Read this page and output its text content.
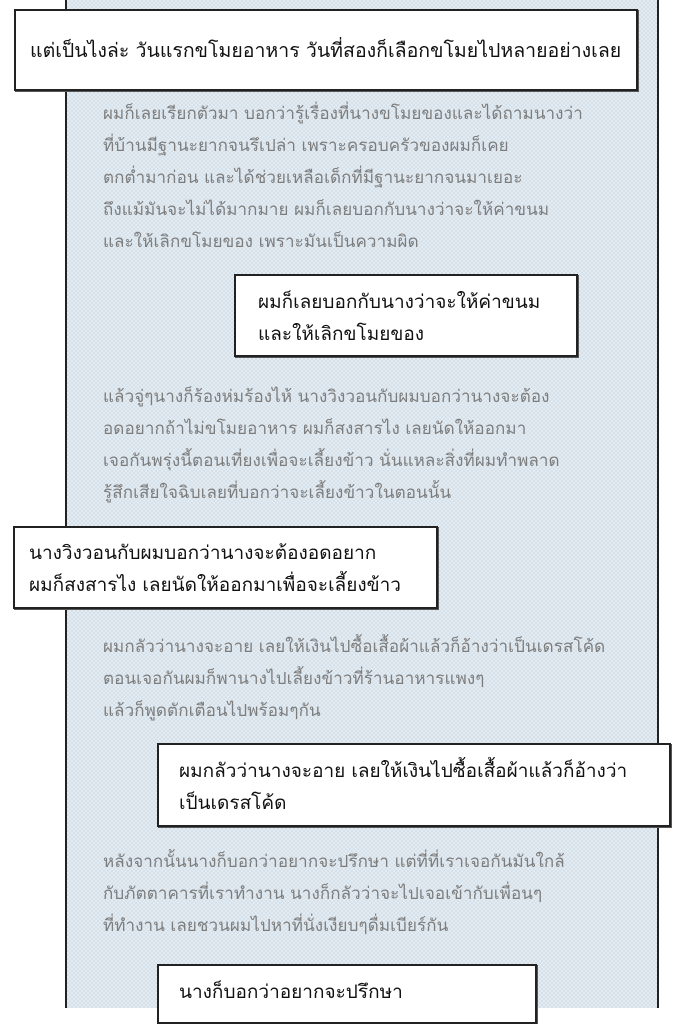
แต่เป็นไงล่ะ วันแรกขโมยอาหาร วันที่สองก็เลือกขโมยไปหลายอย่างเลย
ผมก็เลยเรียกตัวมา บอกว่ารู้เรื่องที่นางขโมยของและได้ถามนางว่า
ที่บ้านมีฐานะยากจนรึเปล่า เพราะครอบครัวของผมก็เคย
ตกต่ำมาก่อน และได้ช่วยเหลือเด็กที่มีฐานะยากจนมาเยอะ
ถึงแม้มันจะไม่ได้มากมาย ผมก็เลยบอกกับนางว่าจะให้ค่าขนม
และให้เลิกขโมยของ เพราะมันเป็นความผิด
ผมก็เลยบอกกับนางว่าจะให้ค่าขนม
และให้เลิกขโมยของ
แล้วจู่ๆนางก็ร้องห่มร้องไห้ นางวิงวอนกับผมบอกว่านางจะต้อง
อดอยากถ้าไม่ขโมยอาหาร ผมก็สงสารไง เลยนัดให้ออกมา
เจอกันพรุ่งนี้ตอนเที่ยงเพื่อจะเลี้ยงข้าว นั่นแหละสิ่งที่ผมทำพลาด
รู้สึกเสียใจฉิบเลยที่บอกว่าจะเลี้ยงข้าวในตอนนั้น
นางวิงวอนกับผมบอกว่านางจะต้องอดอยาก
ผมก็สงสารไง เลยนัดให้ออกมาเพื่อจะเลี้ยงข้าว
ผมกลัวว่านางจะอาย เลยให้เงินไปซื้อเสื้อผ้าแล้วก็อ้างว่าเป็นเดรสโค้ด
ตอนเจอกันผมก็พานางไปเลี้ยงข้าวที่ร้านอาหารแพงๆ
แล้วก็พูดตักเตือนไปพร้อมๆกัน
ผมกลัวว่านางจะอาย เลยให้เงินไปซื้อเสื้อผ้าแล้วก็อ้างว่า
เป็นเดรสโค้ด
หลังจากนั้นนางก็บอกว่าอยากจะปรึกษา แต่ที่ที่เราเจอกันมันใกล้
กับภัตตาคารที่เราทำงาน นางก็กลัวว่าจะไปเจอเข้ากับเพื่อนๆ
ที่ทำงาน เลยชวนผมไปหาที่นั่งเงียบๆดื่มเบียร์กัน
นางก็บอกว่าอยากจะปรึกษา
